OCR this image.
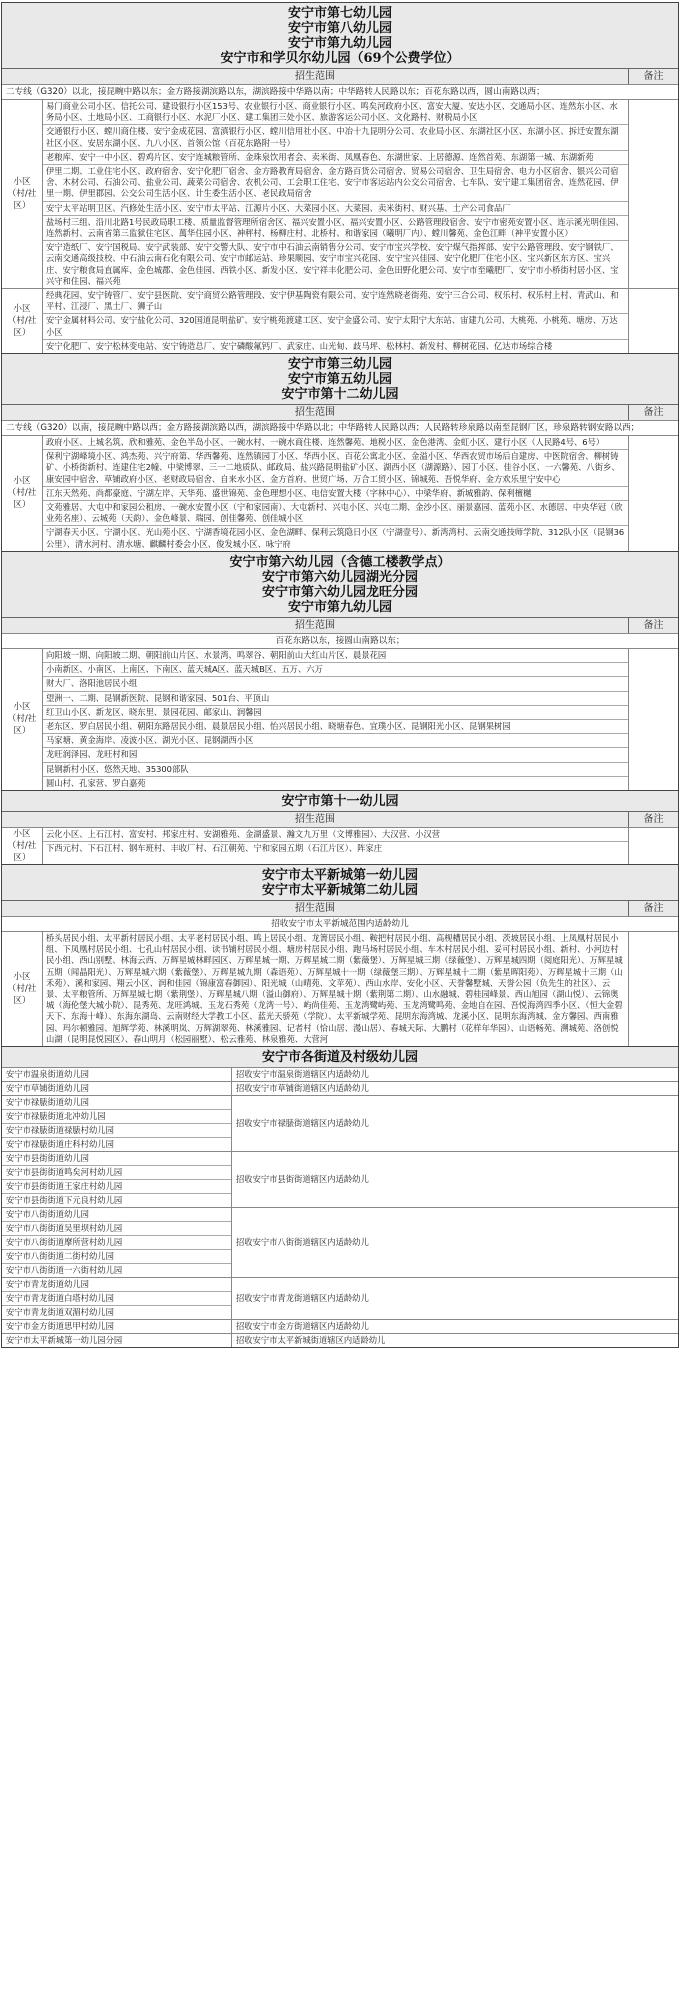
安宁市第七幼儿园
安宁市第八幼儿园
安宁市第九幼儿园
安宁市和学贝尔幼儿园（69个公费学位）
招生范围	备注
二专线（G320）以北，接昆畹中路以东；金方路接湖滨路以东，湖滨路接中华路以南；中华路转人民路以东；百花东路以西，圆山南路以西；
小区（村/社区）
易门商业公司小区、信托公司、建设银行小区153号、农业银行小区、商业银行小区、鸣矣河政府小区、富安大厦、安达小区、交通局小区、连然东小区、水务局小区、土地局小区、工商银行小区、水泥厂小区、建工集团三处小区、旅游客运公司小区、文化路村、财税局小区
交通银行小区、螳川商住楼、安宁金成花园、富滇银行小区、螳川信用社小区、中冶十九昆明分公司、农业局小区、东湖社区小区、东湖小区、拆迁安置东湖社区小区、安居东湖小区、九八小区、首领公馆（百花东路附一号）
老粮库、安宁一中小区、碧鸡片区、安宁连城粮管所、金珠泉饮用者会、卖米街、凤凰春色、东湖世家、上居德源、连然首苑、东湖第一城、东湖新苑
伊里二期、工业住宅小区、政府宿舍、安宁化肥厂宿舍、金方路教育局宿舍、金方路百货公司宿舍、贸易公司宿舍、卫生局宿舍、电力小区宿舍、银兴公司宿舍、木材公司、石油公司、盐业公司、蔬菜公司宿舍、农机公司、工会职工住宅、安宁市客运站内公交公司宿舍、七车队、安宁建工集团宿舍、连然花园、伊里一期、伊里郡园、公交公司生活小区、计生委生活小区、老民政局宿舍
安宁太平站明卫区、汽修处生活小区、安宁市太平站、江源片小区、大菜园小区、大菜园、卖米街村、财兴基、土产公司食品厂
盐场村三组、沿川北路1号民政局职工楼、质量监督管理所宿舍区、福兴安置小区、福兴安置小区、公路管理段宿舍、安宁市密苑安置小区、连示溪光明佳园、连然新村、云南省第三监狱住宅区、萬华住园小区、神秤村、杨柳庄村、北桥村、和谐家园（曦明厂内）、螳川馨苑、金色江畔（神平安置小区）
安宁造纸厂、安宁国税局、安宁武装部、安宁交警大队、安宁市中石油云南销售分公司、安宁市宝兴学校、安宁煤气指挥部、安宁公路管理段、安宁钢铁厂、云南交通高级技校、中石油云南石化有限公司、安宁市邮运站、珍果顺园、安宁市宝兴花园、安宁宝兴佳园、安宁化肥厂住宅小区、宝兴新区东方区、宝兴庄、安宁粮食局直属库、金色城郡、金色佳园、西铁小区、新发小区、安宁祥丰化肥公司、金色田野化肥公司、安宁市至曦肥厂、安宁市小桥街村居小区、宝兴守和住园、福兴苑
小区（村/社区）
经典花园、安宁铸管厂、安宁县医院、安宁商贸公路管理段、安宁伊基陶瓷有限公司、安宁连然晓老街苑、安宁三合公司、权乐村、权乐村上村、青武山、和平村、江浸厂、黑土厂、狮子山
安宁金属材料公司、安宁盐化公司、320国道昆明盐矿、安宁桃苑渡建工区、安宁金盛公司、安宁太阳宁大东站、宙建九公司、大桃苑、小桃苑、塘房、万达小区
安宁化肥厂、安宁松林变电站、安宁铸造总厂、安宁磷酸氟钙厂、武家庄、山光甸、歧马坪、松林村、新发村、柳树花园、亿达市场综合楼
安宁市第三幼儿园
安宁市第五幼儿园
安宁市第十二幼儿园
招生范围	备注
二专线（G320）以南，接昆畹中路以西；金方路接湖滨路以西，湖滨路接中华路以北；中华路转人民路以西；人民路转珍泉路以南至昆钢厂区，珍泉路转钢安路以西；
小区（村/社区）
政府小区、上城名筑、欣和雅苑、金色半岛小区、一碗水村、一碗水商住楼、连然馨苑、地税小区、金色港湾、金虹小区、建行小区（人民路4号、6号）
保利宁湖峰境小区、鸿杰苑、兴宁府第、华西馨苑、连然镇园丁小区、华西小区、百花公寓北小区、金溢小区、华西农贸市场后自建房、中医院宿舍、柳树铸矿、小桥街新村、连建住宅2幢、中梁博翠、三一二地质队、邮政局、盐兴路昆明盐矿小区、湖西小区（湖源路）、园丁小区、佳谷小区、一六馨苑、八街乡、康安园中宿舍、草铺政府小区、老财政局宿舍、自来水小区、金方首府、世贸广场、万合工贸小区、锦城苑、吾悦华府、金方欢乐里宁安中心
江东天然苑、尚都豪庭、宁湖左岸、天华苑、盛世锦苑、金色理想小区、电信安置大楼（字林中心）、中梁华府、新城雅韵、保利檀樾
文苑雅居、大屯中和家园公租房、一碗水安置小区（宁和家园南）、大屯新村、兴屯小区、兴屯二期、金沙小区、丽景嘉园、蓝苑小区、水德居、中央华冠（欣业苑名座）、云城苑（天韵）、金色峰景、瑞园、创佳馨苑、创佳城小区
宁湖春天小区、宁湖小区、光山苑小区、宁湖香境花园小区、金色湖畔、保利云筑隐日小区（宁湖壹号）、新湾湾村、云南交通技师学院、312队小区（昆钢36公里）、清水河村、清水塘、麒麟村委会小区、俊发城小区、咏宁府
安宁市第六幼儿园（含德工楼教学点）
安宁市第六幼儿园湖光分园
安宁市第六幼儿园龙旺分园
安宁市第九幼儿园
招生范围	备注
百花东路以东，接圆山南路以东；
小区（村/社区）
向阳坡一期、向阳坡二期、朝阳前山片区、水景湾、鸣翠谷、朝阳前山大红山片区、晨景花园
小南新区、小南区、上南区、下南区、蓝天城A区、蓝天城B区、五万、六万
财大厂、洛阳池居民小组
望洲一、二期、昆钢新医院、昆钢和谐家园、501台、平顶山
红卫山小区、新龙区、晓东里、景园花园、邮家山、润馨园
老东区、罗白居民小组、朝阳东路居民小组、晨景居民小组、怡兴居民小组、晓塘春色、宜璞小区、昆钢阳光小区、昆钢果树园
马家塘、黄金海岸、凌波小区、湖光小区、昆钢湖西小区
龙旺润泽园、龙旺村和园
昆钢新村小区、悠然天地、35300部队
圆山村、孔家营、罗白嘉苑
安宁市第十一幼儿园
招生范围	备注
小区（村/社区）
云化小区、上石江村、富安村、邦家庄村、安湖雅苑、金湖盛景、瀚文九万里（文博雅园）、大汉营、小汉营
下西元村、下石江村、钢车班村、丰收厂村、石江朝苑、宁和家园五期（石江片区）、阵家庄
安宁市太平新城第一幼儿园
安宁市太平新城第二幼儿园
招生范围	备注
招收安宁市太平新城范围内适龄幼儿
小区（村/社区）
桥头居民小组、太平新村居民小组、太平老村居民小组、鸣上居民小组、龙箐居民小组、鞍把村居民小组、高枧槽居民小组、茨坡居民小组、上凤凰村居民小组、下凤凰村居民小组、七孔山村居民小组、读书铺村居民小组、塘房村居民小组、跑马场村居民小组、车木村居民小组、妥可村居民小组、新村、小河边村民小组、西山别墅、林海云西、万辉星城林畔园区、万辉星城一期、万辉星城二期（紫薇堡）、万辉星城三期（绿薇堡）、万辉星城四期（阅庭阳光）、万辉星城五期（闻晶阳光）、万辉星城六期（紫薇堡）、万辉星城九期（森语苑）、万辉星城十一期（绿薇堡三期）、万辉星城十二期（紫星晖阳苑）、万辉星城十三期（山禾苑）、溪和家园、翔云小区、润和佳园（锦康富春御园）、阳光城（山晴苑、文苹苑）、西山水岸、安化小区、天誉馨墅城、天誉公园（负先生的社区）、云景、太平粮管所、万辉星城七期（紫荆堡）、万辉星城八期（溢山御府）、万辉星城十期（紫荆第二期）、山水融城、碧桂园峰景、西山旭园（湖山悦）、云锦奥城（海伦堡大城小院）、昆秀苑、龙旺鸿城、玉龙石秀苑（龙湾一号）、屿尚佳苑、玉龙湾鹭屿苑、玉龙湾鹭鸣苑、金地自在园、吾悦海湾四季小区、（恒大金碧天下、东海十峰）、东海东湖岛、云南财经大学教工小区、蓝光天骄苑（学院）、太平新城学苑、昆明东海湾城、龙溪小区、昆明东海湾城、金方馨园、西南雅园、玛尔顿雅园、旭辉学苑、林溪明岚、万辉湖翠苑、林溪雅园、记者村（恰山居、漫山居）、春城天际、大鹏村（花样年华园）、山语畅苑、溯城苑、洛创悦山湖（昆明昆悦园区）、春山明月（松园丽墅）、松云雅苑、林泉雅苑、大营河
安宁市各街道及村级幼儿园
安宁市温泉街道幼儿园	招收安宁市温泉街道辖区内适龄幼儿
安宁市草铺街道幼儿园	招收安宁市草铺街道辖区内适龄幼儿
安宁市禄脿街道幼儿园
安宁市禄脿街道北冲幼儿园
安宁市禄脿街道禄脿村幼儿园
安宁市禄脿街道庄科村幼儿园
招收安宁市禄脿街道辖区内适龄幼儿
安宁市县街街道幼儿园
安宁市县街街道鸣矣河村幼儿园
安宁市县街街道王家庄村幼儿园
安宁市县街街道下元良村幼儿园
招收安宁市县街街道辖区内适龄幼儿
安宁市八街街道幼儿园
安宁市八街街道吴里坝村幼儿园
安宁市八街街道摩所营村幼儿园
安宁市八街街道二街村幼儿园
安宁市八街街道一六街村幼儿园
招收安宁市八街街道辖区内适龄幼儿
安宁市青龙街道幼儿园
安宁市青龙街道白塔村幼儿园
安宁市青龙街道双湄村幼儿园
招收安宁市青龙街道辖区内适龄幼儿
安宁市金方街道思甲村幼儿园	招收安宁市金方街道辖区内适龄幼儿
安宁市太平新城第一幼儿园分园	招收安宁市太平新城街道辖区内适龄幼儿
